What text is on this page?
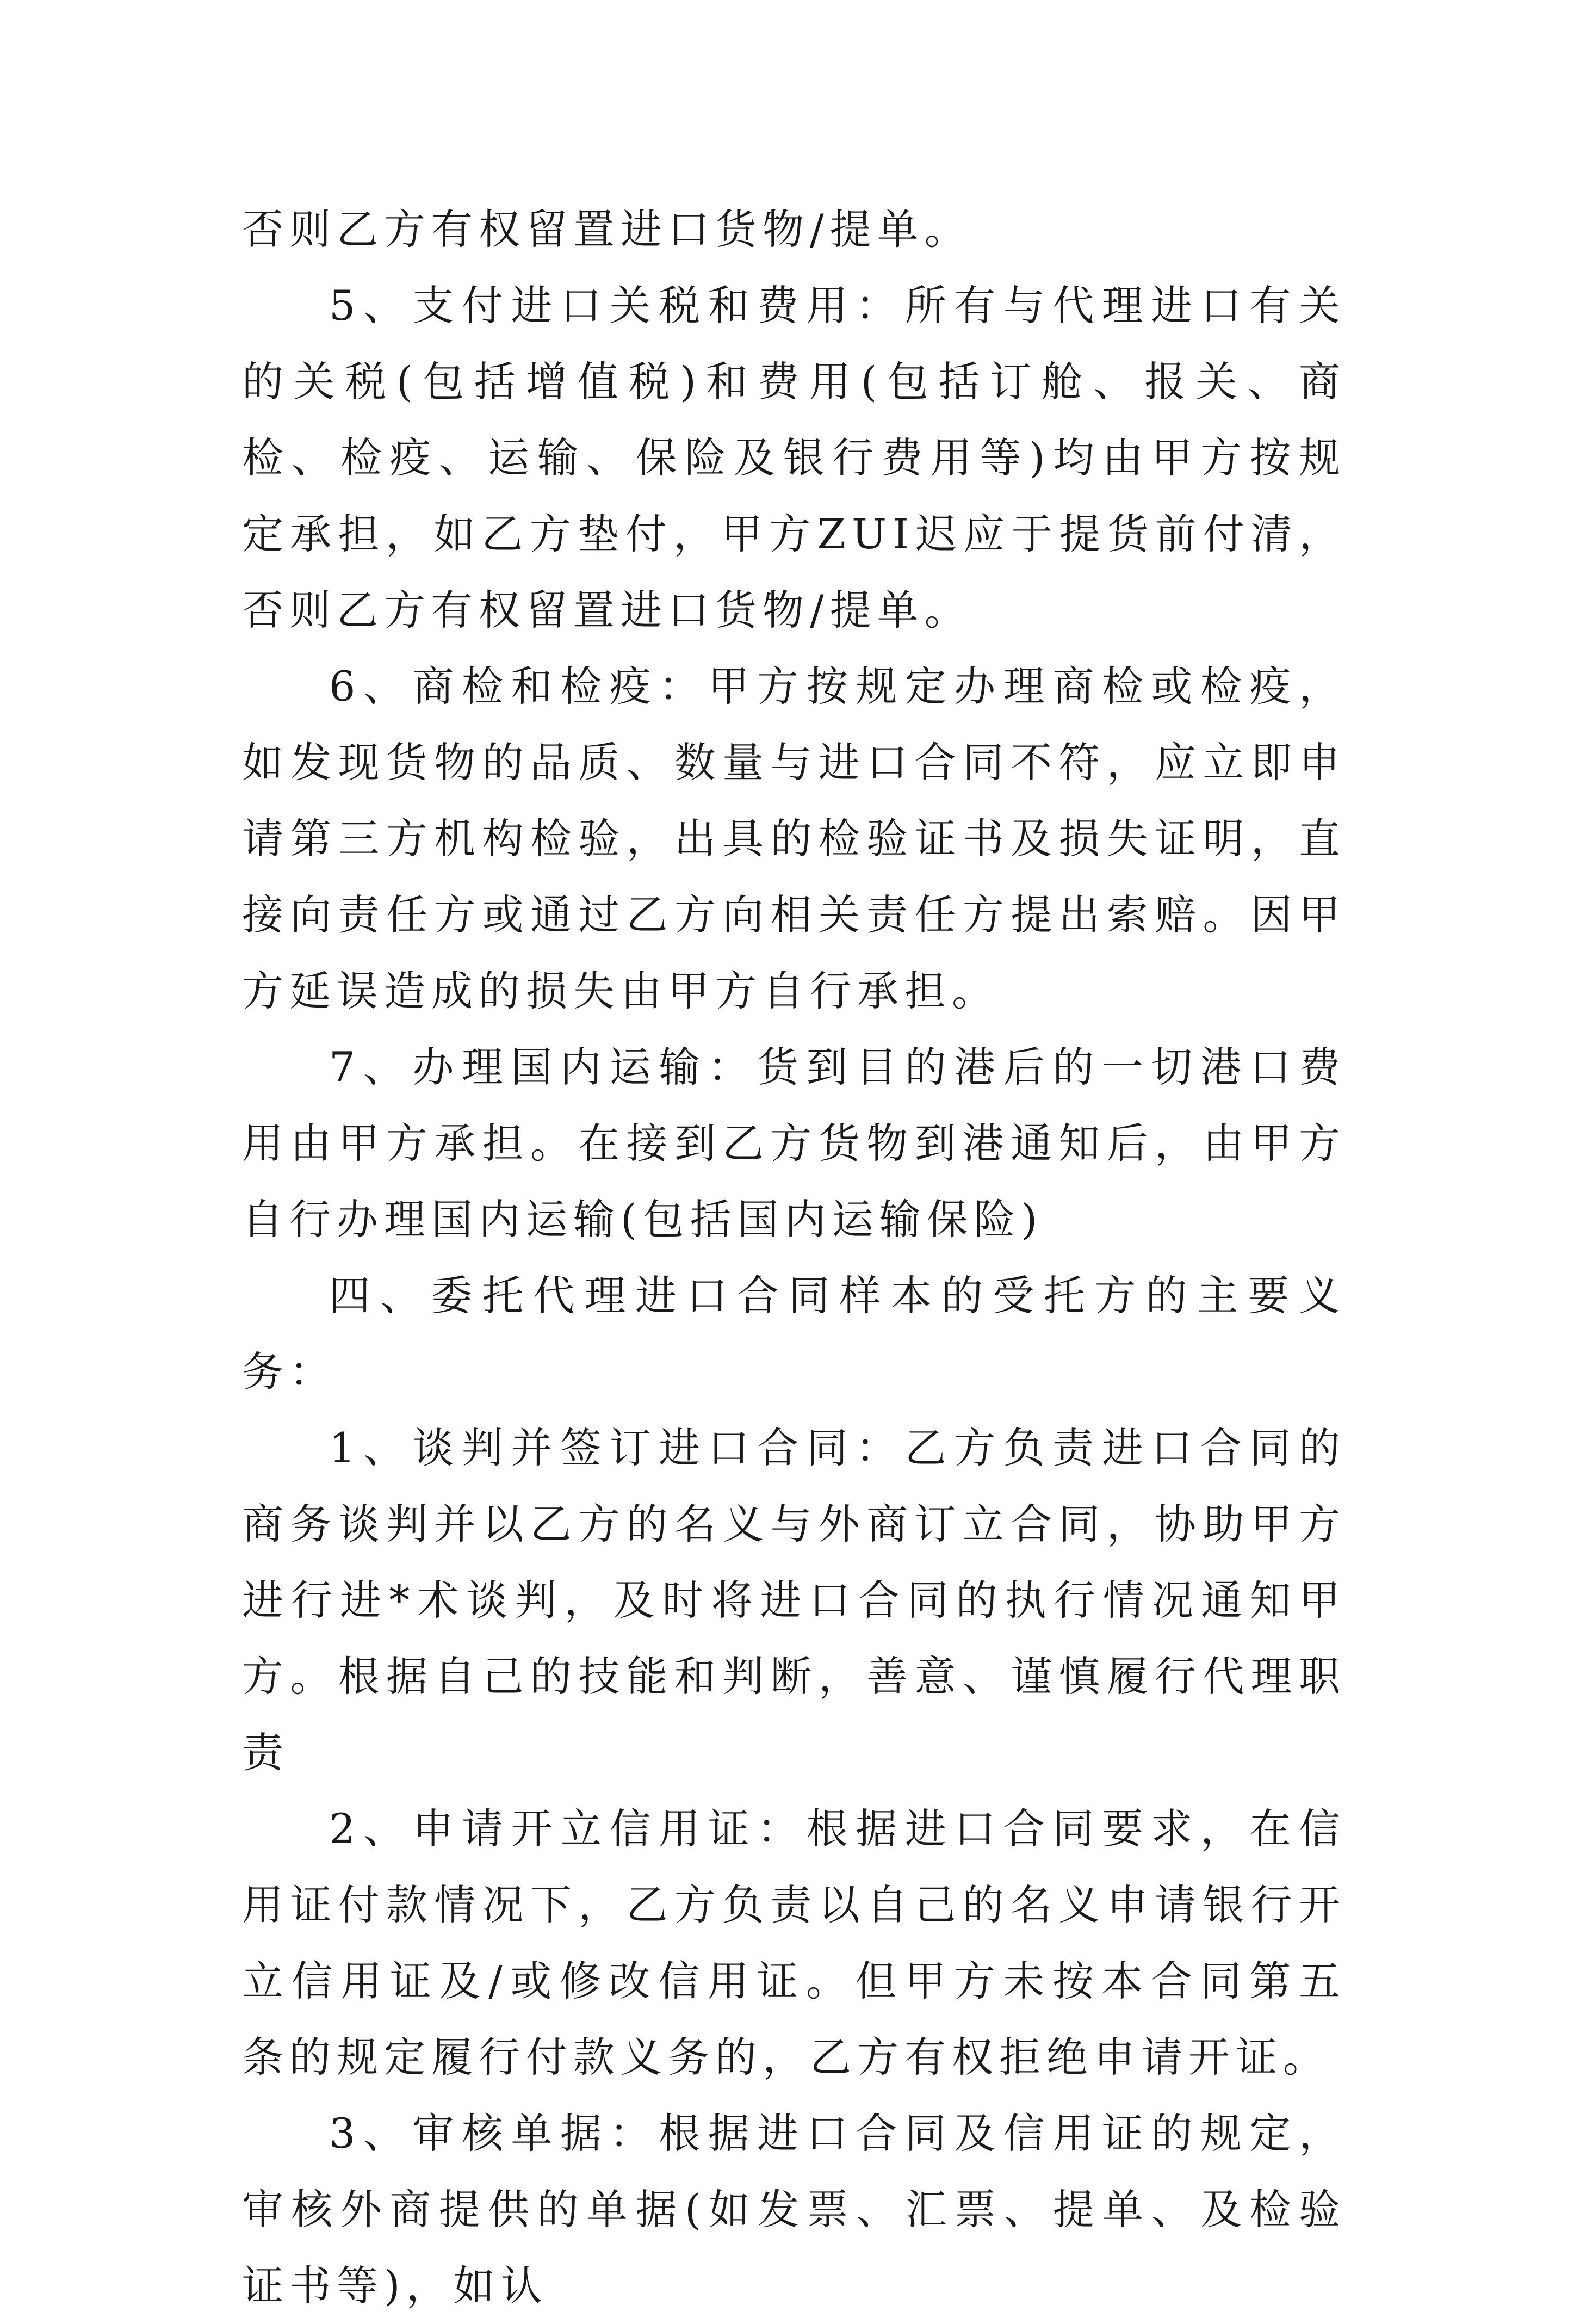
否则乙方有权留置进口货物/提单。

5、支付进口关税和费用：所有与代理进口有关的关税(包括增值税)和费用(包括订舱、报关、商检、检疫、运输、保险及银行费用等)均由甲方按规定承担，如乙方垫付，甲方ZUI迟应于提货前付清，否则乙方有权留置进口货物/提单。

6、商检和检疫：甲方按规定办理商检或检疫，如发现货物的品质、数量与进口合同不符，应立即申请第三方机构检验，出具的检验证书及损失证明，直接向责任方或通过乙方向相关责任方提出索赔。因甲方延误造成的损失由甲方自行承担。

7、办理国内运输：货到目的港后的一切港口费用由甲方承担。在接到乙方货物到港通知后，由甲方自行办理国内运输(包括国内运输保险)

四、委托代理进口合同样本的受托方的主要义务：

1、谈判并签订进口合同：乙方负责进口合同的商务谈判并以乙方的名义与外商订立合同，协助甲方进行进*术谈判，及时将进口合同的执行情况通知甲方。根据自己的技能和判断，善意、谨慎履行代理职责

2、申请开立信用证：根据进口合同要求，在信用证付款情况下，乙方负责以自己的名义申请银行开立信用证及/或修改信用证。但甲方未按本合同第五条的规定履行付款义务的，乙方有权拒绝申请开证。

3、审核单据：根据进口合同及信用证的规定，审核外商提供的单据(如发票、汇票、提单、及检验证书等)，如认
